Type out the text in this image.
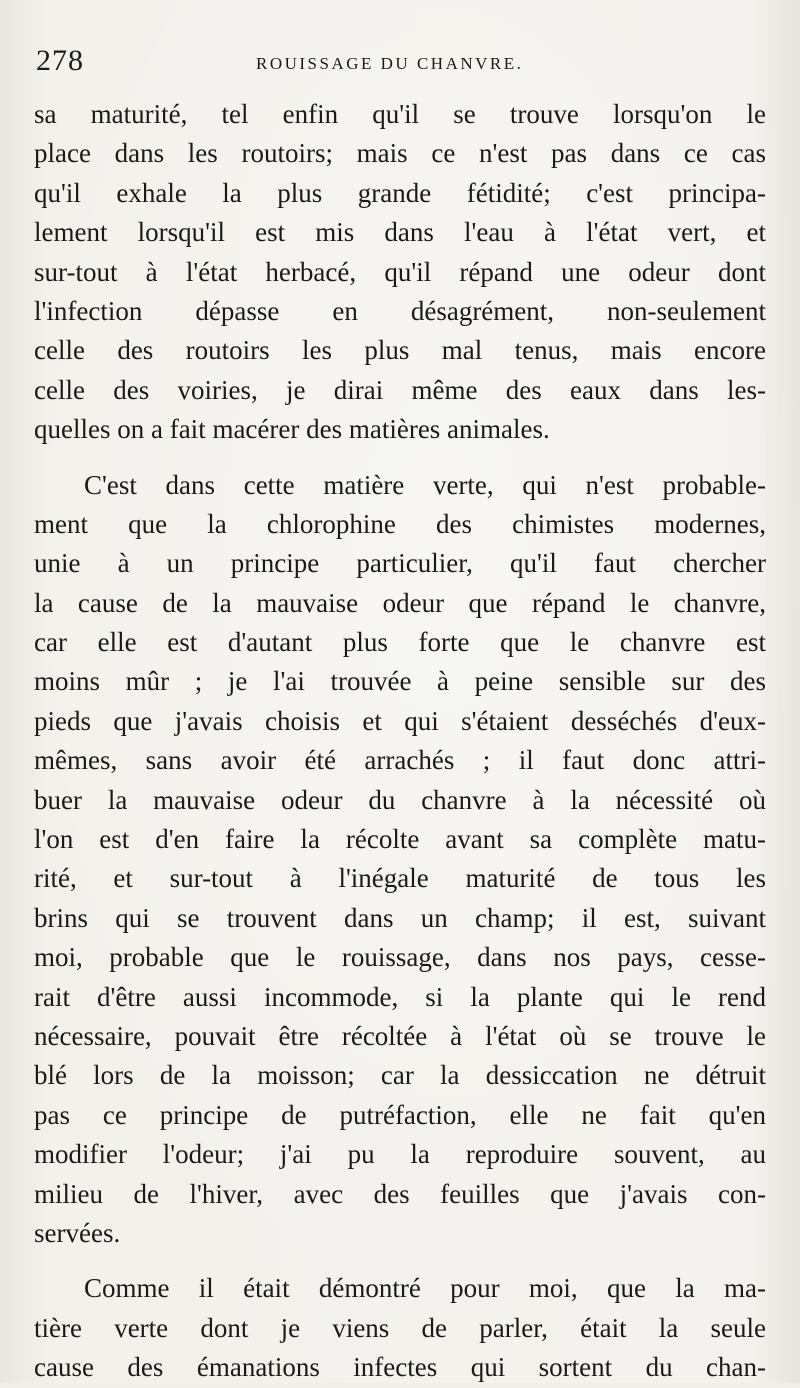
278	ROUISSAGE DU CHANVRE.
sa maturité, tel enfin qu'il se trouve lorsqu'on le
place dans les routoirs; mais ce n'est pas dans ce cas
qu'il exhale la plus grande fétidité; c'est principa-
lement lorsqu'il est mis dans l'eau à l'état vert, et
sur-tout à l'état herbacé, qu'il répand une odeur dont
l'infection dépasse en désagrément, non-seulement
celle des routoirs les plus mal tenus, mais encore
celle des voiries, je dirai même des eaux dans les-
quelles on a fait macérer des matières animales.
C'est dans cette matière verte, qui n'est probable-
ment que la chlorophine des chimistes modernes,
unie à un principe particulier, qu'il faut chercher
la cause de la mauvaise odeur que répand le chanvre,
car elle est d'autant plus forte que le chanvre est
moins mûr ; je l'ai trouvée à peine sensible sur des
pieds que j'avais choisis et qui s'étaient desséchés d'eux-
mêmes, sans avoir été arrachés ; il faut donc attri-
buer la mauvaise odeur du chanvre à la nécessité où
l'on est d'en faire la récolte avant sa complète matu-
rité, et sur-tout à l'inégale maturité de tous les
brins qui se trouvent dans un champ; il est, suivant
moi, probable que le rouissage, dans nos pays, cesse-
rait d'être aussi incommode, si la plante qui le rend
nécessaire, pouvait être récoltée à l'état où se trouve le
blé lors de la moisson; car la dessiccation ne détruit
pas ce principe de putréfaction, elle ne fait qu'en
modifier l'odeur; j'ai pu la reproduire souvent, au
milieu de l'hiver, avec des feuilles que j'avais con-
servées.
Comme il était démontré pour moi, que la ma-
tière verte dont je viens de parler, était la seule
cause des émanations infectes qui sortent du chan-
